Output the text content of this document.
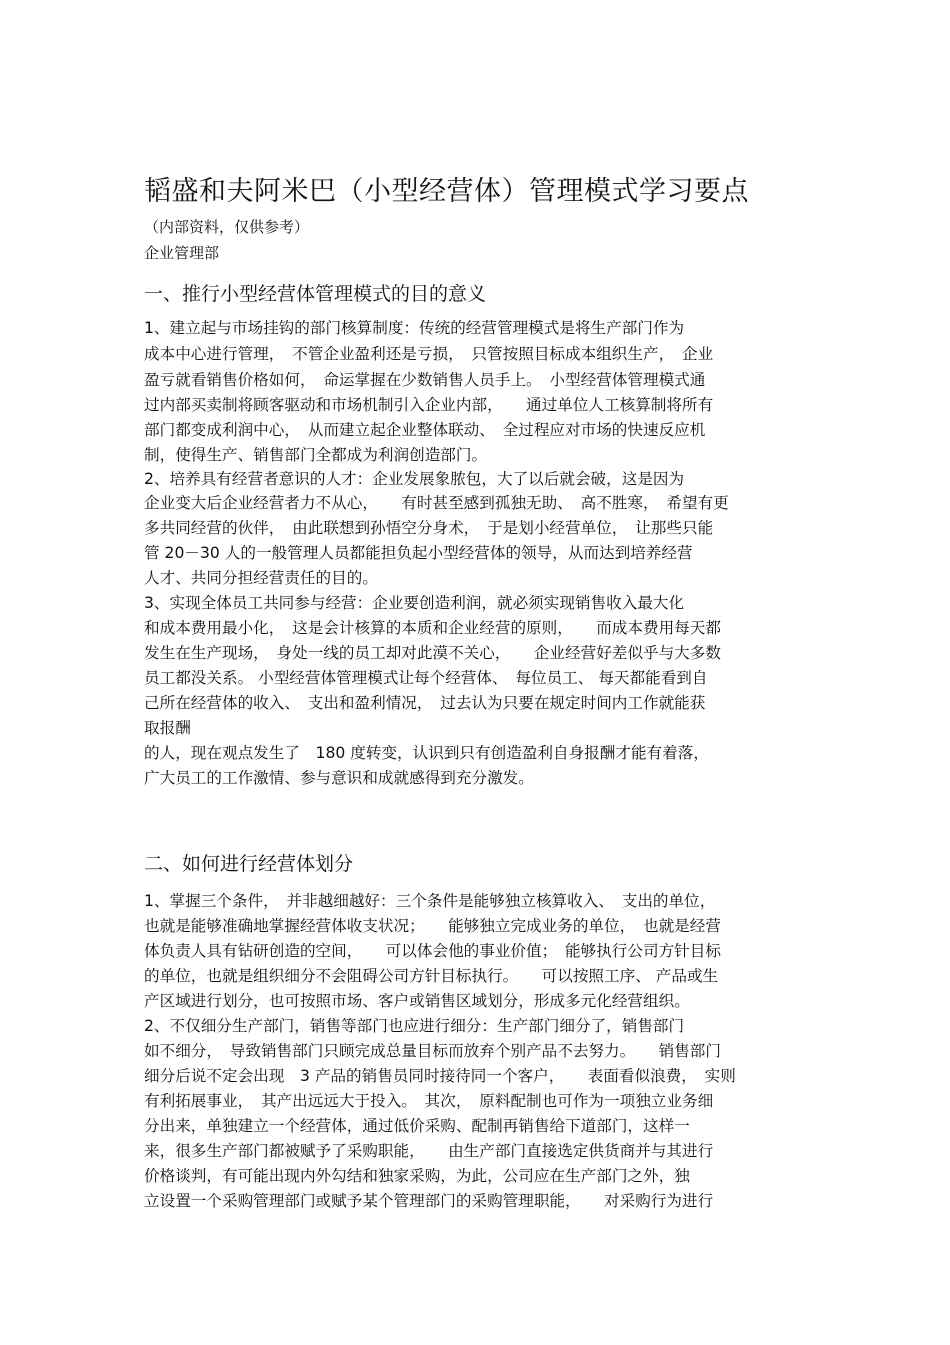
韬盛和夫阿米巴（小型经营体）管理模式学习要点

（内部资料，仅供参考）

企业管理部

一、推行小型经营体管理模式的目的意义

1、建立起与市场挂钩的部门核算制度：传统的经营管理模式是将生产部门作为

成本中心进行管理，　不管企业盈利还是亏损，　只管按照目标成本组织生产，　企业

盈亏就看销售价格如何，　命运掌握在少数销售人员手上。　小型经营体管理模式通

过内部买卖制将顾客驱动和市场机制引入企业内部，　　通过单位人工核算制将所有

部门都变成利润中心，　从而建立起企业整体联动、　全过程应对市场的快速反应机

制，使得生产、销售部门全都成为利润创造部门。

2、培养具有经营者意识的人才：企业发展象脓包，大了以后就会破，这是因为

企业变大后企业经营者力不从心，　　有时甚至感到孤独无助、　高不胜寒，　希望有更

多共同经营的伙伴，　由此联想到孙悟空分身术，　于是划小经营单位，　让那些只能

管 20－30 人的一般管理人员都能担负起小型经营体的领导，从而达到培养经营

人才、共同分担经营责任的目的。

3、实现全体员工共同参与经营：企业要创造利润，就必须实现销售收入最大化

和成本费用最小化，　这是会计核算的本质和企业经营的原则，　　而成本费用每天都

发生在生产现场，　身处一线的员工却对此漠不关心，　　企业经营好差似乎与大多数

员工都没关系。 小型经营体管理模式让每个经营体、　每位员工、 每天都能看到自

己所在经营体的收入、　支出和盈利情况，　过去认为只要在规定时间内工作就能获

取报酬

的人，现在观点发生了　180 度转变，认识到只有创造盈利自身报酬才能有着落，

广大员工的工作激情、参与意识和成就感得到充分激发。

二、如何进行经营体划分

1、掌握三个条件，　并非越细越好：三个条件是能够独立核算收入、　支出的单位，

也就是能够准确地掌握经营体收支状况；　　能够独立完成业务的单位，　也就是经营

体负责人具有钻研创造的空间，　　可以体会他的事业价值；　能够执行公司方针目标

的单位，也就是组织细分不会阻碍公司方针目标执行。　　可以按照工序、 产品或生

产区域进行划分，也可按照市场、客户或销售区域划分，形成多元化经营组织。

2、不仅细分生产部门，销售等部门也应进行细分：生产部门细分了，销售部门

如不细分，　导致销售部门只顾完成总量目标而放弃个别产品不去努力。　　销售部门

细分后说不定会出现　3 产品的销售员同时接待同一个客户，　　表面看似浪费，　实则

有利拓展事业，　其产出远远大于投入。　其次，　原料配制也可作为一项独立业务细

分出来，单独建立一个经营体，通过低价采购、配制再销售给下道部门，这样一

来，很多生产部门都被赋予了采购职能，　　由生产部门直接选定供货商并与其进行

价格谈判，有可能出现内外勾结和独家采购，为此，公司应在生产部门之外，独

立设置一个采购管理部门或赋予某个管理部门的采购管理职能，　　对采购行为进行
